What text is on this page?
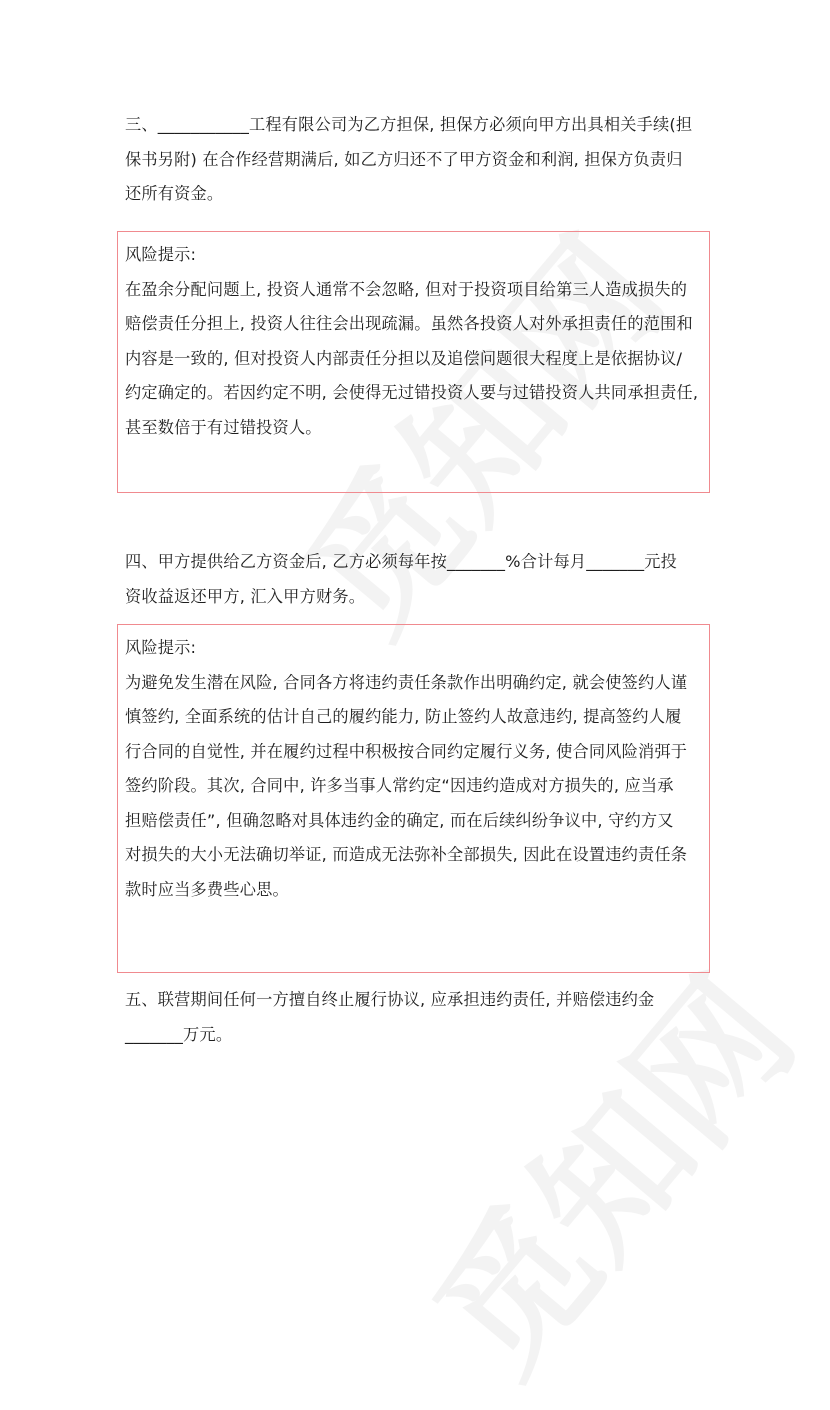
三、___________工程有限公司为乙方担保, 担保方必须向甲方出具相关手续(担
保书另附) 在合作经营期满后, 如乙方归还不了甲方资金和利润, 担保方负责归
还所有资金。
风险提示:
在盈余分配问题上, 投资人通常不会忽略, 但对于投资项目给第三人造成损失的
赔偿责任分担上, 投资人往往会出现疏漏。虽然各投资人对外承担责任的范围和
内容是一致的, 但对投资人内部责任分担以及追偿问题很大程度上是依据协议/
约定确定的。若因约定不明, 会使得无过错投资人要与过错投资人共同承担责任,
甚至数倍于有过错投资人。
四、甲方提供给乙方资金后, 乙方必须每年按_______%合计每月_______元投
资收益返还甲方, 汇入甲方财务。
风险提示:
为避免发生潜在风险, 合同各方将违约责任条款作出明确约定, 就会使签约人谨
慎签约, 全面系统的估计自己的履约能力, 防止签约人故意违约, 提高签约人履
行合同的自觉性, 并在履约过程中积极按合同约定履行义务, 使合同风险消弭于
签约阶段。其次, 合同中, 许多当事人常约定“因违约造成对方损失的, 应当承
担赔偿责任”, 但确忽略对具体违约金的确定, 而在后续纠纷争议中, 守约方又
对损失的大小无法确切举证, 而造成无法弥补全部损失, 因此在设置违约责任条
款时应当多费些心思。
五、联营期间任何一方擅自终止履行协议, 应承担违约责任, 并赔偿违约金
_______万元。
